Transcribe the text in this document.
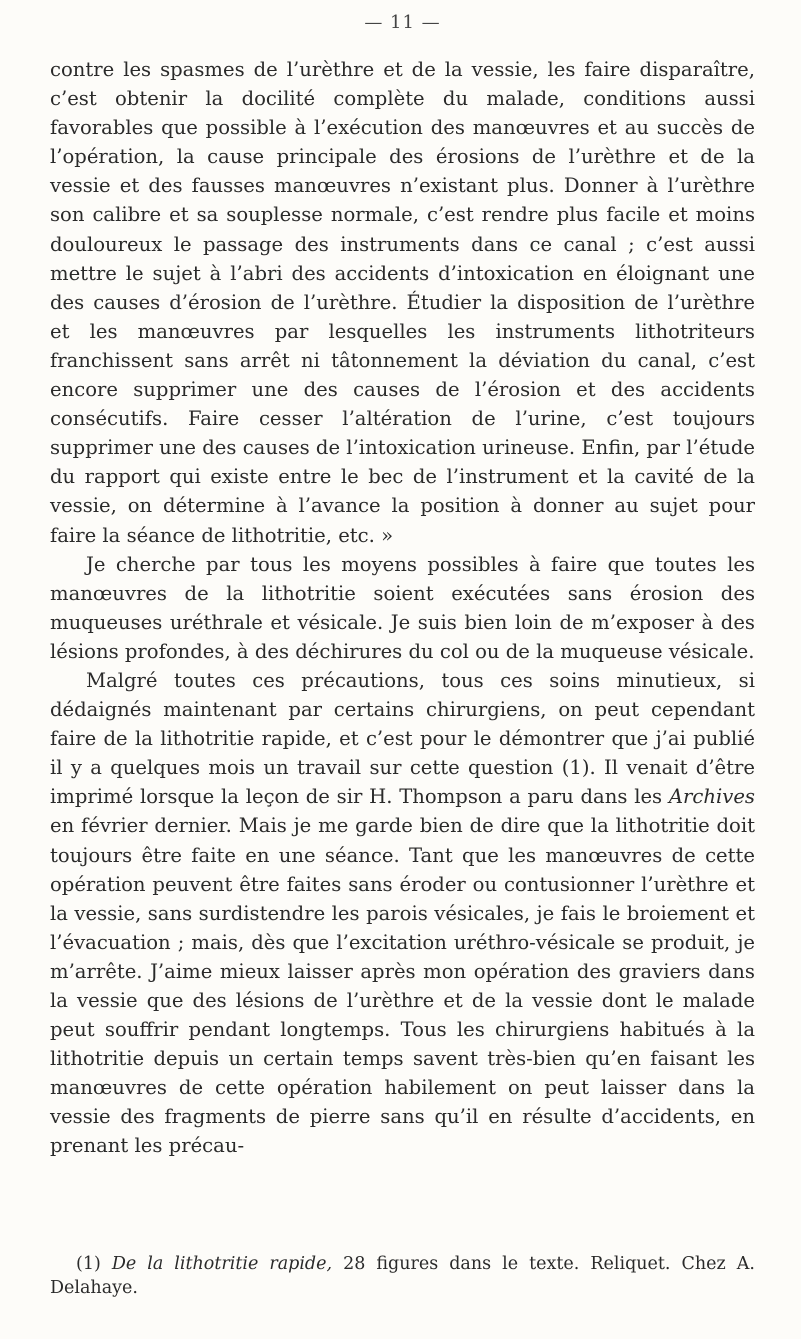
— 11 —

contre les spasmes de l’urèthre et de la vessie, les faire disparaître, c’est obtenir la docilité complète du malade, conditions aussi favorables que possible à l’exécution des manœuvres et au succès de l’opération, la cause principale des érosions de l’urèthre et de la vessie et des fausses manœuvres n’existant plus. Donner à l’urèthre son calibre et sa souplesse normale, c’est rendre plus facile et moins douloureux le passage des instruments dans ce canal ; c’est aussi mettre le sujet à l’abri des accidents d’intoxication en éloignant une des causes d’érosion de l’urèthre. Étudier la disposition de l’urèthre et les manœuvres par lesquelles les instruments lithotriteurs franchissent sans arrêt ni tâtonnement la déviation du canal, c’est encore supprimer une des causes de l’érosion et des accidents consécutifs. Faire cesser l’altération de l’urine, c’est toujours supprimer une des causes de l’intoxication urineuse. Enfin, par l’étude du rapport qui existe entre le bec de l’instrument et la cavité de la vessie, on détermine à l’avance la position à donner au sujet pour faire la séance de lithotritie, etc. »

Je cherche par tous les moyens possibles à faire que toutes les manœuvres de la lithotritie soient exécutées sans érosion des muqueuses uréthrale et vésicale. Je suis bien loin de m’exposer à des lésions profondes, à des déchirures du col ou de la muqueuse vésicale.

Malgré toutes ces précautions, tous ces soins minutieux, si dédaignés maintenant par certains chirurgiens, on peut cependant faire de la lithotritie rapide, et c’est pour le démontrer que j’ai publié il y a quelques mois un travail sur cette question (1). Il venait d’être imprimé lorsque la leçon de sir H. Thompson a paru dans les Archives en février dernier. Mais je me garde bien de dire que la lithotritie doit toujours être faite en une séance. Tant que les manœuvres de cette opération peuvent être faites sans éroder ou contusionner l’urèthre et la vessie, sans surdistendre les parois vésicales, je fais le broiement et l’évacuation ; mais, dès que l’excitation uréthro-vésicale se produit, je m’arrête. J’aime mieux laisser après mon opération des graviers dans la vessie que des lésions de l’urèthre et de la vessie dont le malade peut souffrir pendant longtemps. Tous les chirurgiens habitués à la lithotritie depuis un certain temps savent très-bien qu’en faisant les manœuvres de cette opération habilement on peut laisser dans la vessie des fragments de pierre sans qu’il en résulte d’accidents, en prenant les précau-

(1) De la lithotritie rapide, 28 figures dans le texte. Reliquet. Chez A. Delahaye.
